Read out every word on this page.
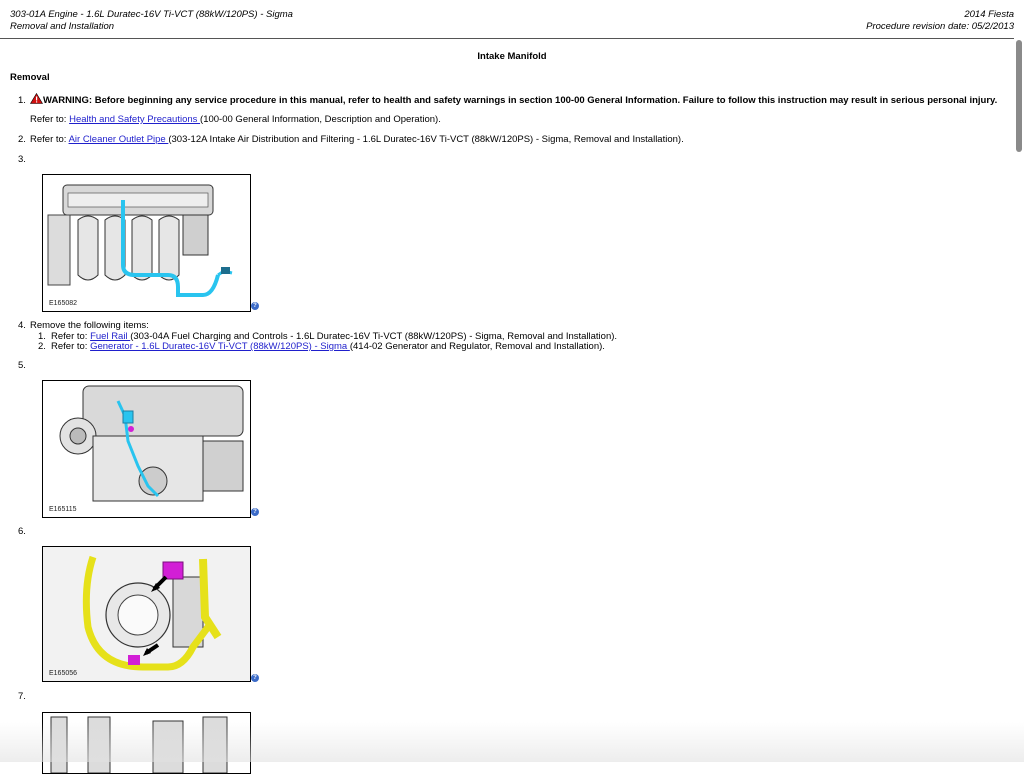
303-01A Engine - 1.6L Duratec-16V Ti-VCT (88kW/120PS) - Sigma
Removal and Installation
2014 Fiesta
Procedure revision date: 05/2/2013
Intake Manifold
Removal
1.	WARNING: Before beginning any service procedure in this manual, refer to health and safety warnings in section 100-00 General Information. Failure to follow this instruction may result in serious personal injury.
Refer to: Health and Safety Precautions (100-00 General Information, Description and Operation).
2. Refer to: Air Cleaner Outlet Pipe (303-12A Intake Air Distribution and Filtering - 1.6L Duratec-16V Ti-VCT (88kW/120PS) - Sigma, Removal and Installation).
3.
E165082	?
4. Remove the following items:
1. Refer to: Fuel Rail (303-04A Fuel Charging and Controls - 1.6L Duratec-16V Ti-VCT (88kW/120PS) - Sigma, Removal and Installation).
2. Refer to: Generator - 1.6L Duratec-16V Ti-VCT (88kW/120PS) - Sigma (414-02 Generator and Regulator, Removal and Installation).
5.
E165115	?
6.
E165056
?
7.
